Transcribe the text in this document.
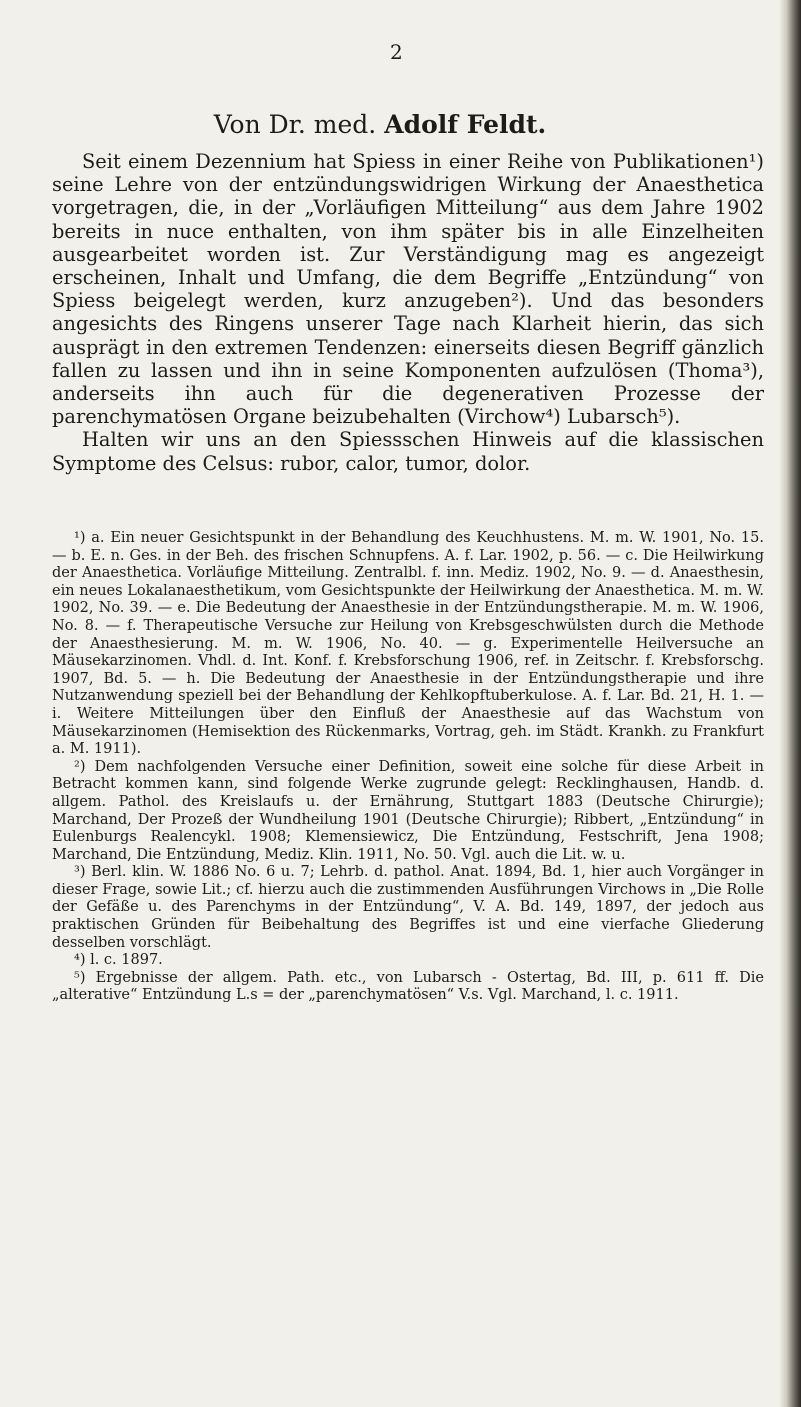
2
Von Dr. med. Adolf Feldt.

Seit einem Dezennium hat Spiess in einer Reihe von Publikationen¹) seine Lehre von der entzündungswidrigen Wirkung der Anaesthetica vorgetragen, die, in der „Vorläufigen Mitteilung“ aus dem Jahre 1902 bereits in nuce enthalten, von ihm später bis in alle Einzelheiten ausgearbeitet worden ist. Zur Verständigung mag es angezeigt erscheinen, Inhalt und Umfang, die dem Begriffe „Entzündung“ von Spiess beigelegt werden, kurz anzugeben²). Und das besonders angesichts des Ringens unserer Tage nach Klarheit hierin, das sich ausprägt in den extremen Tendenzen: einerseits diesen Begriff gänzlich fallen zu lassen und ihn in seine Komponenten aufzulösen (Thoma³), anderseits ihn auch für die degenerativen Prozesse der parenchymatösen Organe beizubehalten (Virchow⁴) Lubarsch⁵).

Halten wir uns an den Spiessschen Hinweis auf die klassischen Symptome des Celsus: rubor, calor, tumor, dolor.

¹) a. Ein neuer Gesichtspunkt in der Behandlung des Keuchhustens. M. m. W. 1901, No. 15. — b. E. n. Ges. in der Beh. des frischen Schnupfens. A. f. Lar. 1902, p. 56. — c. Die Heilwirkung der Anaesthetica. Vorläufige Mitteilung. Zentralbl. f. inn. Mediz. 1902, No. 9. — d. Anaesthesin, ein neues Lokalanaesthetikum, vom Gesichtspunkte der Heilwirkung der Anaesthetica. M. m. W. 1902, No. 39. — e. Die Bedeutung der Anaesthesie in der Entzündungstherapie. M. m. W. 1906, No. 8. — f. Therapeutische Versuche zur Heilung von Krebsgeschwülsten durch die Methode der Anaesthesierung. M. m. W. 1906, No. 40. — g. Experimentelle Heilversuche an Mäusekarzinomen. Vhdl. d. Int. Konf. f. Krebsforschung 1906, ref. in Zeitschr. f. Krebsforschg. 1907, Bd. 5. — h. Die Bedeutung der Anaesthesie in der Entzündungstherapie und ihre Nutzanwendung speziell bei der Behandlung der Kehlkopftuberkulose. A. f. Lar. Bd. 21, H. 1. — i. Weitere Mitteilungen über den Einfluß der Anaesthesie auf das Wachstum von Mäusekarzinomen (Hemisektion des Rückenmarks, Vortrag, geh. im Städt. Krankh. zu Frankfurt a. M. 1911).

²) Dem nachfolgenden Versuche einer Definition, soweit eine solche für diese Arbeit in Betracht kommen kann, sind folgende Werke zugrunde gelegt: Recklinghausen, Handb. d. allgem. Pathol. des Kreislaufs u. der Ernährung, Stuttgart 1883 (Deutsche Chirurgie); Marchand, Der Prozeß der Wundheilung 1901 (Deutsche Chirurgie); Ribbert, „Entzündung“ in Eulenburgs Realencykl. 1908; Klemensiewicz, Die Entzündung, Festschrift, Jena 1908; Marchand, Die Entzündung, Mediz. Klin. 1911, No. 50. Vgl. auch die Lit. w. u.

³) Berl. klin. W. 1886 No. 6 u. 7; Lehrb. d. pathol. Anat. 1894, Bd. 1, hier auch Vorgänger in dieser Frage, sowie Lit.; cf. hierzu auch die zustimmenden Ausführungen Virchows in „Die Rolle der Gefäße u. des Parenchyms in der Entzündung“, V. A. Bd. 149, 1897, der jedoch aus praktischen Gründen für Beibehaltung des Begriffes ist und eine vierfache Gliederung desselben vorschlägt.

⁴) l. c. 1897.

⁵) Ergebnisse der allgem. Path. etc., von Lubarsch - Ostertag, Bd. III, p. 611 ff. Die „alterative“ Entzündung L.s = der „parenchymatösen“ V.s. Vgl. Marchand, l. c. 1911.
